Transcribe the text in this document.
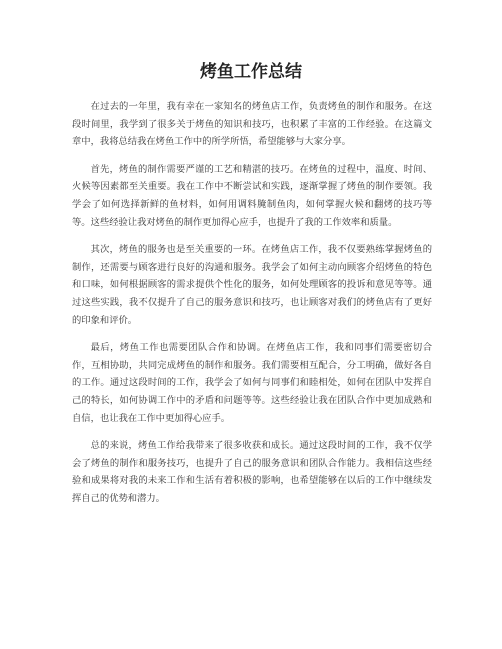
烤鱼工作总结

在过去的一年里，我有幸在一家知名的烤鱼店工作，负责烤鱼的制作和服务。在这段时间里，我学到了很多关于烤鱼的知识和技巧，也积累了丰富的工作经验。在这篇文章中，我将总结我在烤鱼工作中的所学所悟，希望能够与大家分享。

首先，烤鱼的制作需要严谨的工艺和精湛的技巧。在烤鱼的过程中，温度、时间、火候等因素都至关重要。我在工作中不断尝试和实践，逐渐掌握了烤鱼的制作要领。我学会了如何选择新鲜的鱼材料，如何用调料腌制鱼肉，如何掌握火候和翻烤的技巧等等。这些经验让我对烤鱼的制作更加得心应手，也提升了我的工作效率和质量。

其次，烤鱼的服务也是至关重要的一环。在烤鱼店工作，我不仅要熟练掌握烤鱼的制作，还需要与顾客进行良好的沟通和服务。我学会了如何主动向顾客介绍烤鱼的特色和口味，如何根据顾客的需求提供个性化的服务，如何处理顾客的投诉和意见等等。通过这些实践，我不仅提升了自己的服务意识和技巧，也让顾客对我们的烤鱼店有了更好的印象和评价。

最后，烤鱼工作也需要团队合作和协调。在烤鱼店工作，我和同事们需要密切合作，互相协助，共同完成烤鱼的制作和服务。我们需要相互配合，分工明确，做好各自的工作。通过这段时间的工作，我学会了如何与同事们和睦相处，如何在团队中发挥自己的特长，如何协调工作中的矛盾和问题等等。这些经验让我在团队合作中更加成熟和自信，也让我在工作中更加得心应手。

总的来说，烤鱼工作给我带来了很多收获和成长。通过这段时间的工作，我不仅学会了烤鱼的制作和服务技巧，也提升了自己的服务意识和团队合作能力。我相信这些经验和成果将对我的未来工作和生活有着积极的影响，也希望能够在以后的工作中继续发挥自己的优势和潜力。
